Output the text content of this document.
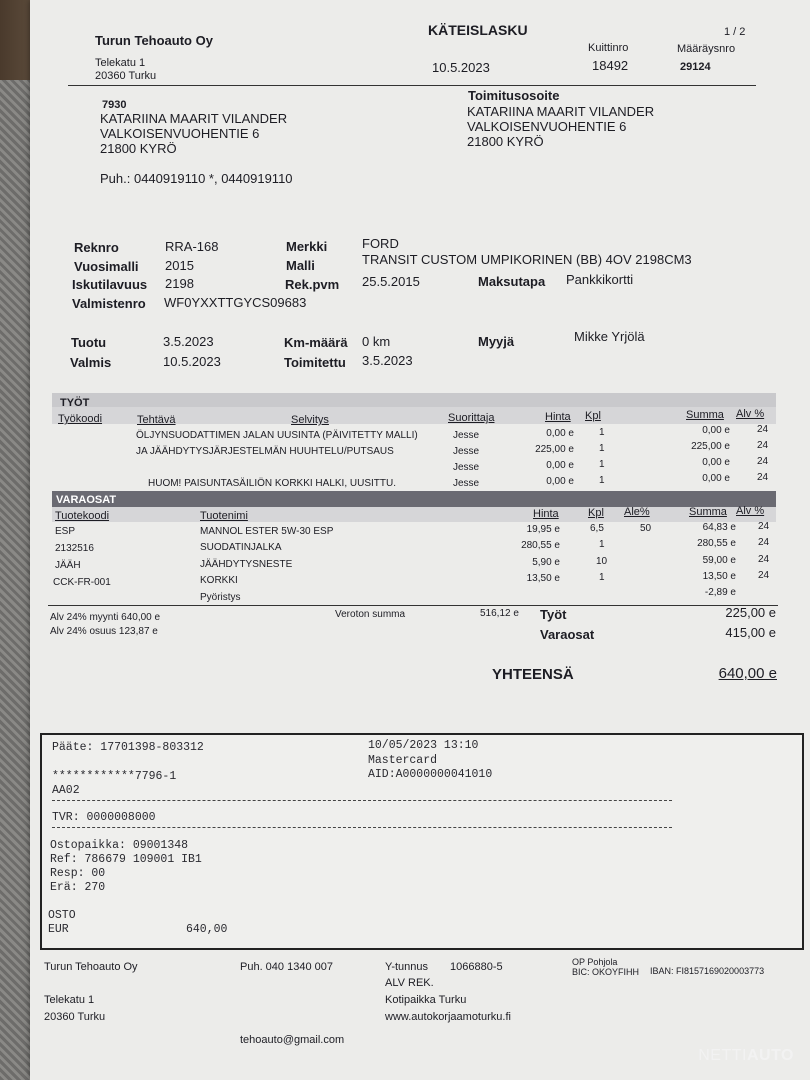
Turun Tehoauto Oy
KÄTEISLASKU	1 / 2
Telekatu 1
20360 Turku
Kuittinro	Määräysnro
10.5.2023	18492	29124
7930
KATARIINA MAARIT VILANDER
VALKOISENVUOHENTIE 6
21800 KYRÖ
Puh.: 0440919110 *, 0440919110
Toimitusosoite
KATARIINA MAARIT VILANDER
VALKOISENVUOHENTIE 6
21800 KYRÖ
Reknro	RRA-168
Vuosimalli 2015
Iskutilavuus 2198
Valmistenro WF0YXXTTGYCS09683
Merkki	FORD
Malli	TRANSIT CUSTOM UMPIKORINEN (BB) 4OV 2198CM3
Rek.pvm 25.5.2015	Maksutapa Pankkikortti
Tuotu	3.5.2023
Valmis	10.5.2023
Km-määrä 0 km
Toimitettu 3.5.2023
Myyjä	Mikke Yrjölä
TYÖT
Työkoodi	Tehtävä	Selvitys	Suorittaja	Hinta Kpl	Summa Alv %
ÖLJYNSUODATTIMEN JALAN UUSINTA (PÄIVITETTY MALLI)	Jesse	0,00 e	1	0,00 e	24
JA JÄÄHDYTYSJÄRJESTELMÄN HUUHTELU/PUTSAUS	Jesse	225,00 e	1	225,00 e	24
Jesse	0,00 e	1	0,00 e	24
HUOM! PAISUNTASÄILIÖN KORKKI HALKI, UUSITTU.	Jesse	0,00 e	1	0,00 e	24
VARAOSAT
Tuotekoodi	Tuotenimi	Hinta	Kpl Ale%	Summa Alv %
ESP	MANNOL ESTER 5W-30 ESP	19,95 e	6,5	50	64,83 e 24
2132516	SUODATINJALKA	280,55 e	1	280,55 e 24
JÄÄH	JÄÄHDYTYSNESTE	5,90 e	10	59,00 e 24
CCK-FR-001	KORKKI	13,50 e	1	13,50 e 24
Pyöristys	-2,89 e
Alv 24% myynti 640,00 e
Alv 24% osuus 123,87 e
Veroton summa	516,12 e Työt	225,00 e
Varaosat	415,00 e
YHTEENSÄ	640,00 e
Turun Tehoauto Oy	Puh. 040 1340 007	Y-tunnus 1066880-5
ALV REK.
OP Pohjola
BIC: OKOYFIHH IBAN: FI8157169020003773
Telekatu 1
20360 Turku
Kotipaikka Turku
www.autokorjaamoturku.fi
tehoauto@gmail.com
Pääte: 17701398-803312	10/05/2023 13:10
Mastercard
************7796-1	AID:A0000000041010
AA02
TVR: 0000008000
Ostopaikka: 09001348
Ref: 786679 109001 IB1
Resp: 00
Erä: 270
OSTO
EUR	640,00
NETTIAUTO
